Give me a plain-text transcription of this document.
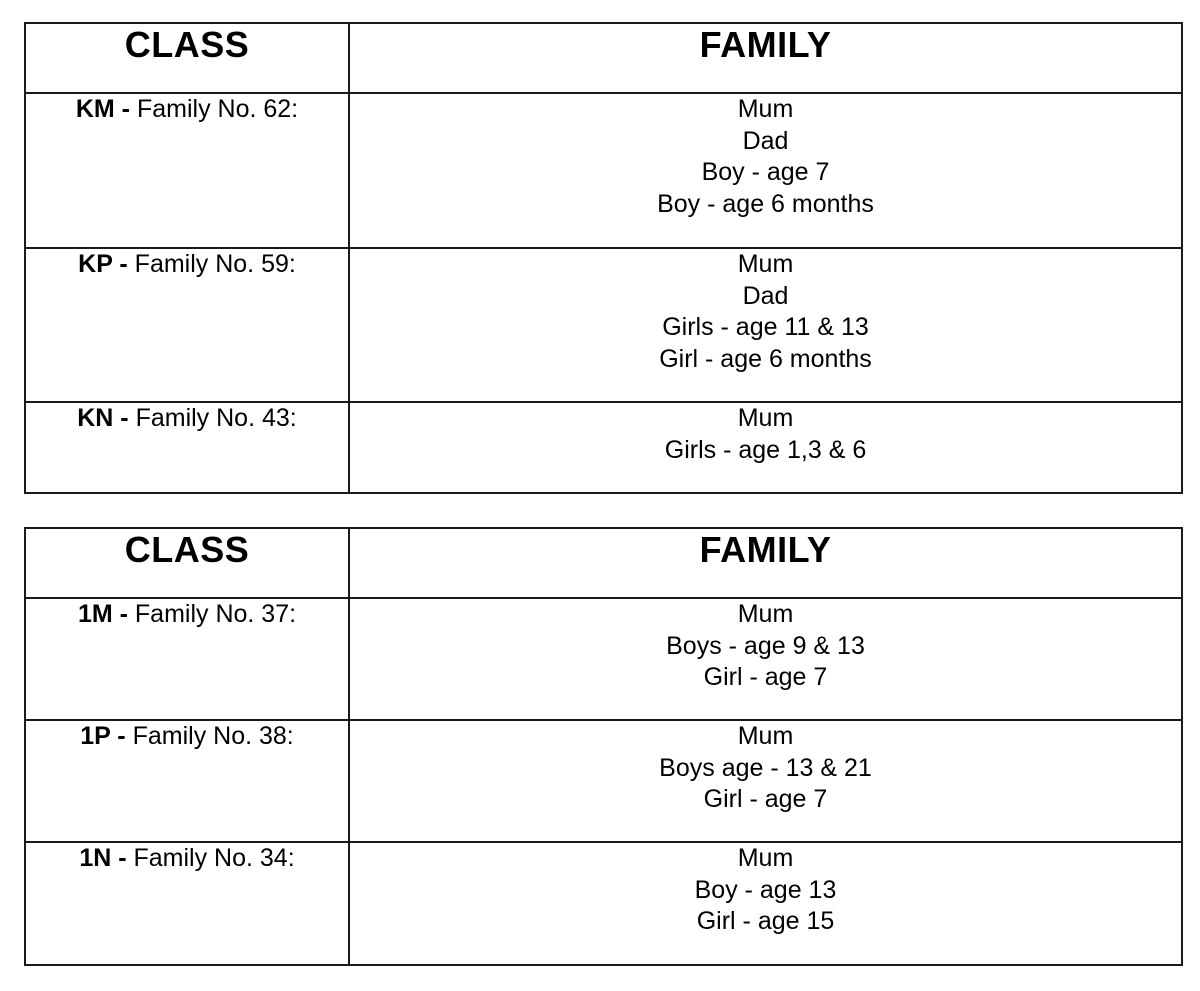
CLASS	FAMILY
KM - Family No. 62:	Mum
Dad
Boy - age 7
Boy - age 6 months

KP - Family No. 59:	Mum
Dad
Girls - age 11 & 13
Girl - age 6 months

KN - Family No. 43:	Mum
Girls - age 1,3 & 6
CLASS	FAMILY
1M - Family No. 37:	Mum
Boys - age 9 & 13
Girl - age 7

1P - Family No. 38:	Mum
Boys age - 13 & 21
Girl - age 7

1N - Family No. 34:	Mum
Boy - age 13
Girl - age 15
